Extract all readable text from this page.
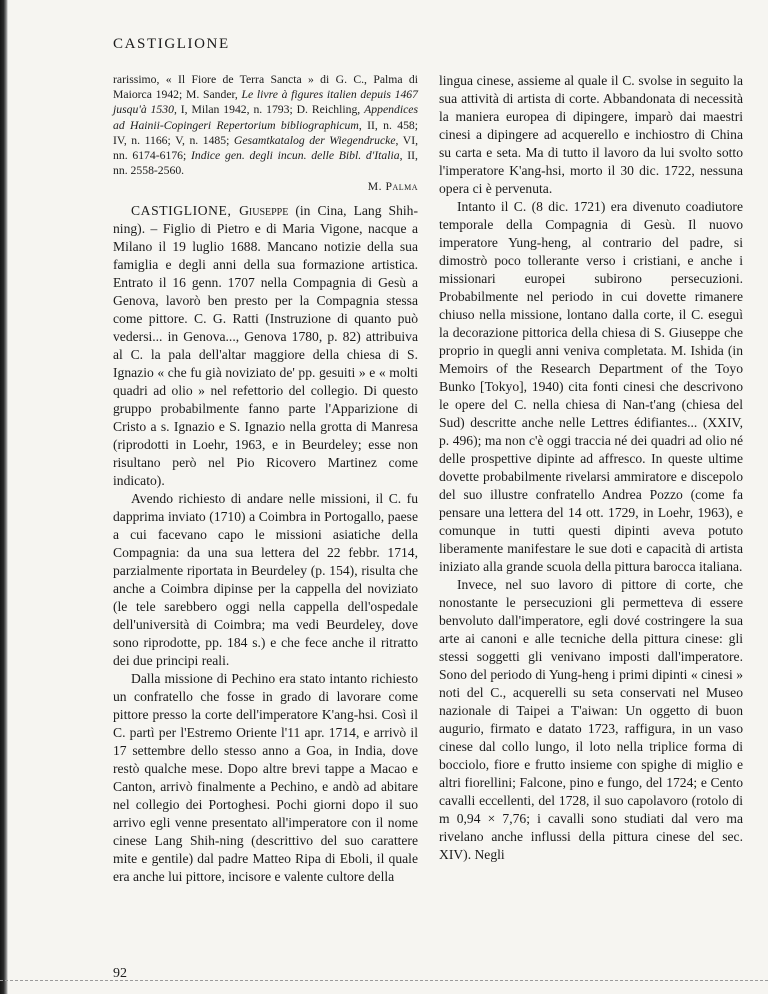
CASTIGLIONE
rarissimo, « Il Fiore de Terra Sancta » di G. C., Palma di Maiorca 1942; M. Sander, Le livre à figures italien depuis 1467 jusqu'à 1530, I, Milan 1942, n. 1793; D. Reichling, Appendices ad Hainii-Copingeri Repertorium bibliographicum, II, n. 458; IV, n. 1166; V, n. 1485; Gesamtkatalog der Wiegendrucke, VI, nn. 6174-6176; Indice gen. degli incun. delle Bibl. d'Italia, II, nn. 2558-2560.
M. Palma

CASTIGLIONE, Giuseppe (in Cina, Lang Shih-ning). – Figlio di Pietro e di Maria Vigone, nacque a Milano il 19 luglio 1688. Mancano notizie della sua famiglia e degli anni della sua formazione artistica. Entrato il 16 genn. 1707 nella Compagnia di Gesù a Genova, lavorò ben presto per la Compagnia stessa come pittore. C. G. Ratti (Instruzione di quanto può vedersi... in Genova..., Genova 1780, p. 82) attribuiva al C. la pala dell'altar maggiore della chiesa di S. Ignazio « che fu già noviziato de' pp. gesuiti » e « molti quadri ad olio » nel refettorio del collegio. Di questo gruppo probabilmente fanno parte l'Apparizione di Cristo a s. Ignazio e S. Ignazio nella grotta di Manresa (riprodotti in Loehr, 1963, e in Beurdeley; esse non risultano però nel Pio Ricovero Martinez come indicato).

Avendo richiesto di andare nelle missioni, il C. fu dapprima inviato (1710) a Coimbra in Portogallo, paese a cui facevano capo le missioni asiatiche della Compagnia: da una sua lettera del 22 febbr. 1714, parzialmente riportata in Beurdeley (p. 154), risulta che anche a Coimbra dipinse per la cappella del noviziato (le tele sarebbero oggi nella cappella dell'ospedale dell'università di Coimbra; ma vedi Beurdeley, dove sono riprodotte, pp. 184 s.) e che fece anche il ritratto dei due principi reali.

Dalla missione di Pechino era stato intanto richiesto un confratello che fosse in grado di lavorare come pittore presso la corte dell'imperatore K'ang-hsi. Così il C. partì per l'Estremo Oriente l'11 apr. 1714, e arrivò il 17 settembre dello stesso anno a Goa, in India, dove restò qualche mese. Dopo altre brevi tappe a Macao e Canton, arrivò finalmente a Pechino, e andò ad abitare nel collegio dei Portoghesi. Pochi giorni dopo il suo arrivo egli venne presentato all'imperatore con il nome cinese Lang Shih-ning (descrittivo del suo carattere mite e gentile) dal padre Matteo Ripa di Eboli, il quale era anche lui pittore, incisore e valente cultore della

lingua cinese, assieme al quale il C. svolse in seguito la sua attività di artista di corte. Abbandonata di necessità la maniera europea di dipingere, imparò dai maestri cinesi a dipingere ad acquerello e inchiostro di China su carta e seta. Ma di tutto il lavoro da lui svolto sotto l'imperatore K'ang-hsi, morto il 30 dic. 1722, nessuna opera ci è pervenuta.

Intanto il C. (8 dic. 1721) era divenuto coadiutore temporale della Compagnia di Gesù. Il nuovo imperatore Yung-heng, al contrario del padre, si dimostrò poco tollerante verso i cristiani, e anche i missionari europei subirono persecuzioni. Probabilmente nel periodo in cui dovette rimanere chiuso nella missione, lontano dalla corte, il C. eseguì la decorazione pittorica della chiesa di S. Giuseppe che proprio in quegli anni veniva completata. M. Ishida (in Memoirs of the Research Department of the Toyo Bunko [Tokyo], 1940) cita fonti cinesi che descrivono le opere del C. nella chiesa di Nan-t'ang (chiesa del Sud) descritte anche nelle Lettres édifiantes... (XXIV, p. 496); ma non c'è oggi traccia né dei quadri ad olio né delle prospettive dipinte ad affresco. In queste ultime dovette probabilmente rivelarsi ammiratore e discepolo del suo illustre confratello Andrea Pozzo (come fa pensare una lettera del 14 ott. 1729, in Loehr, 1963), e comunque in tutti questi dipinti aveva potuto liberamente manifestare le sue doti e capacità di artista iniziato alla grande scuola della pittura barocca italiana.

Invece, nel suo lavoro di pittore di corte, che nonostante le persecuzioni gli permetteva di essere benvoluto dall'imperatore, egli dové costringere la sua arte ai canoni e alle tecniche della pittura cinese: gli stessi soggetti gli venivano imposti dall'imperatore. Sono del periodo di Yung-heng i primi dipinti « cinesi » noti del C., acquerelli su seta conservati nel Museo nazionale di Taipei a T'aiwan: Un oggetto di buon augurio, firmato e datato 1723, raffigura, in un vaso cinese dal collo lungo, il loto nella triplice forma di bocciolo, fiore e frutto insieme con spighe di miglio e altri fiorellini; Falcone, pino e fungo, del 1724; e Cento cavalli eccellenti, del 1728, il suo capolavoro (rotolo di m 0,94 × 7,76; i cavalli sono studiati dal vero ma rivelano anche influssi della pittura cinese del sec. XIV). Negli

92
